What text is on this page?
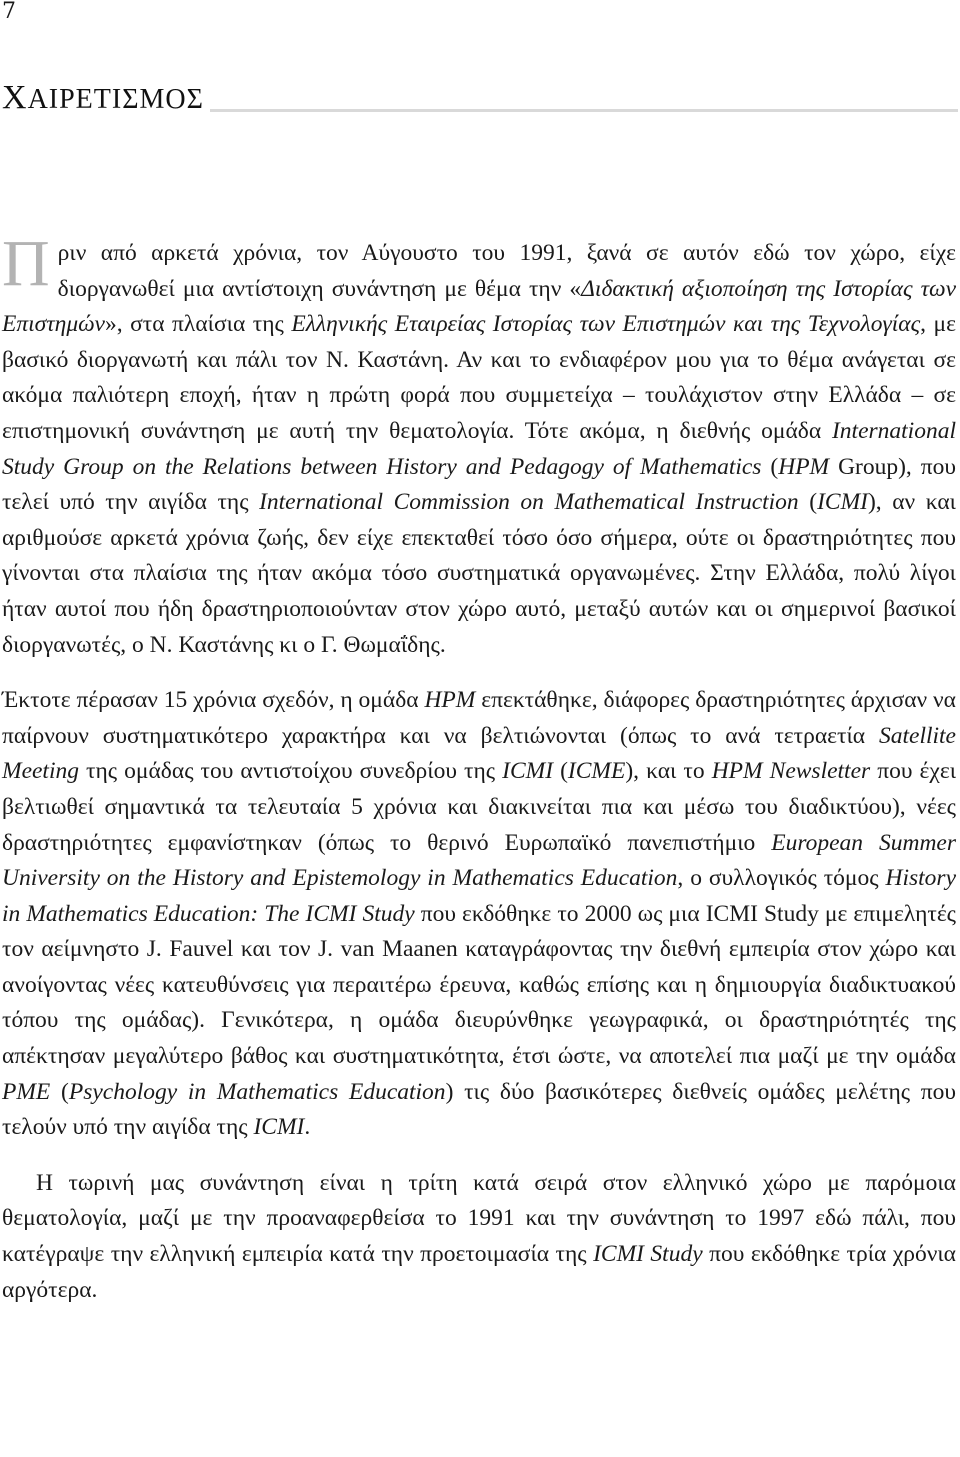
7
ΧΑΙΡΕΤΙΣΜΟΣ

Πριν από αρκετά χρόνια, τον Αύγουστο του 1991, ξανά σε αυτόν εδώ τον χώρο, είχε διοργανωθεί μια αντίστοιχη συνάντηση με θέμα την «Διδακτική αξιοποίηση της Ιστορίας των Επιστημών», στα πλαίσια της Ελληνικής Εταιρείας Ιστορίας των Επιστημών και της Τεχνολογίας, με βασικό διοργανωτή και πάλι τον Ν. Καστάνη. Αν και το ενδιαφέρον μου για το θέμα ανάγεται σε ακόμα παλιότερη εποχή, ήταν η πρώτη φορά που συμμετείχα – τουλάχιστον στην Ελλάδα – σε επιστημονική συνάντηση με αυτή την θεματολογία. Τότε ακόμα, η διεθνής ομάδα International Study Group on the Relations between History and Pedagogy of Mathematics (HPM Group), που τελεί υπό την αιγίδα της International Commission on Mathematical Instruction (ICMI), αν και αριθμούσε αρκετά χρόνια ζωής, δεν είχε επεκταθεί τόσο όσο σήμερα, ούτε οι δραστηριότητες που γίνονται στα πλαίσια της ήταν ακόμα τόσο συστηματικά οργανωμένες. Στην Ελλάδα, πολύ λίγοι ήταν αυτοί που ήδη δραστηριοποιούνταν στον χώρο αυτό, μεταξύ αυτών και οι σημερινοί βασικοί διοργανωτές, ο Ν. Καστάνης κι ο Γ. Θωμαΐδης.

Έκτοτε πέρασαν 15 χρόνια σχεδόν, η ομάδα HPM επεκτάθηκε, διάφορες δραστηριότητες άρχισαν να παίρνουν συστηματικότερο χαρακτήρα και να βελτιώνονται (όπως το ανά τετραετία Satellite Meeting της ομάδας του αντιστοίχου συνεδρίου της ICMI (ICME), και το HPM Newsletter που έχει βελτιωθεί σημαντικά τα τελευταία 5 χρόνια και διακινείται πια και μέσω του διαδικτύου), νέες δραστηριότητες εμφανίστηκαν (όπως το θερινό Ευρωπαϊκό πανεπιστήμιο European Summer University on the History and Epistemology in Mathematics Education, ο συλλογικός τόμος History in Mathematics Education: The ICMI Study που εκδόθηκε το 2000 ως μια ICMI Study με επιμελητές τον αείμνηστο J. Fauvel και τον J. van Maanen καταγράφοντας την διεθνή εμπειρία στον χώρο και ανοίγοντας νέες κατευθύνσεις για περαιτέρω έρευνα, καθώς επίσης και η δημιουργία διαδικτυακού τόπου της ομάδας). Γενικότερα, η ομάδα διευρύνθηκε γεωγραφικά, οι δραστηριότητές της απέκτησαν μεγαλύτερο βάθος και συστηματικότητα, έτσι ώστε, να αποτελεί πια μαζί με την ομάδα PME (Psychology in Mathematics Education) τις δύο βασικότερες διεθνείς ομάδες μελέτης που τελούν υπό την αιγίδα της ICMI.

Η τωρινή μας συνάντηση είναι η τρίτη κατά σειρά στον ελληνικό χώρο με παρόμοια θεματολογία, μαζί με την προαναφερθείσα το 1991 και την συνάντηση το 1997 εδώ πάλι, που κατέγραψε την ελληνική εμπειρία κατά την προετοιμασία της ICMI Study που εκδόθηκε τρία χρόνια αργότερα.
